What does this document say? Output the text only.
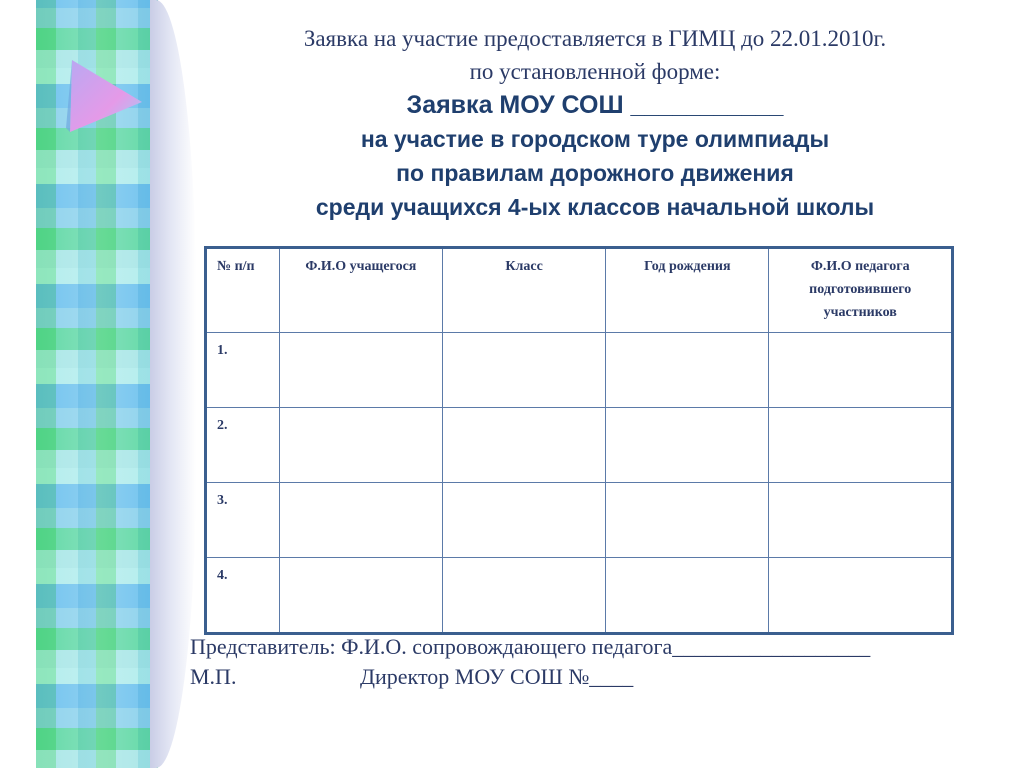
Заявка на участие предоставляется в ГИМЦ до 22.01.2010г.
по установленной форме:
Заявка МОУ СОШ ___________
на участие в городском туре олимпиады
по правилам дорожного движения
среди учащихся 4-ых классов начальной школы
№ п/п	Ф.И.О учащегося	Класс	Год рождения	Ф.И.О педагога подготовившего участников
1.				
2.				
3.				
4.				
Представитель: Ф.И.О. сопровождающего педагога__________________
М.П.	Директор МОУ СОШ №____
